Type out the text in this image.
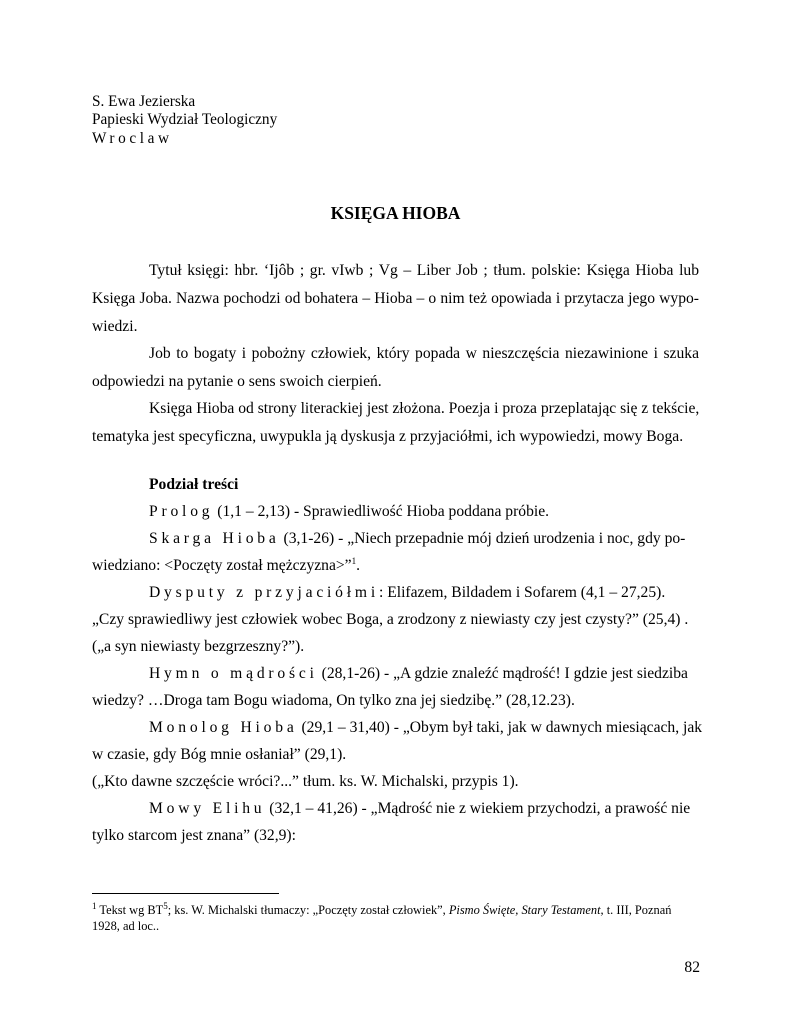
S. Ewa Jezierska
Papieski Wydział Teologiczny
Wroclaw
KSIĘGA HIOBA
Tytuł księgi: hbr. ‘Ijôb ; gr. vIwb ; Vg – Liber Job ; tłum. polskie: Księga Hioba lub
Księga Joba. Nazwa pochodzi od bohatera – Hioba – o nim też opowiada i przytacza jego wypo-
wiedzi.
Job to bogaty i pobożny człowiek, który popada w nieszczęścia niezawinione i szuka
odpowiedzi na pytanie o sens swoich cierpień.
Księga Hioba od strony literackiej jest złożona. Poezja i proza przeplatając się z tekście,
tematyka jest specyficzna, uwypukla ją dyskusja z przyjaciółmi, ich wypowiedzi, mowy Boga.
Podział treści
Prolog (1,1 – 2,13) - Sprawiedliwość Hioba poddana próbie.
Skarga Hioba (3,1-26) - „Niech przepadnie mój dzień urodzenia i noc, gdy po-
wiedziano: <Poczęty został mężczyzna>”$^1$.
Dysputy z przyjaciółmi: Elifazem, Bildadem i Sofarem (4,1 – 27,25).
„Czy sprawiedliwy jest człowiek wobec Boga, a zrodzony z niewiasty czy jest czysty?” (25,4) .
(„a syn niewiasty bezgrzeszny?”).
Hymn o mądrości (28,1-26) - „A gdzie znaleźć mądrość! I gdzie jest siedziba
wiedzy? …Droga tam Bogu wiadoma, On tylko zna jej siedzibę.” (28,12.23).
Monolog Hioba (29,1 – 31,40) - „Obym był taki, jak w dawnych miesiącach, jak
w czasie, gdy Bóg mnie osłaniał” (29,1).
(„Kto dawne szczęście wróci?...” tłum. ks. W. Michalski, przypis 1).
Mowy Elihu (32,1 – 41,26) - „Mądrość nie z wiekiem przychodzi, a prawość nie
tylko starcom jest znana” (32,9):
$^1$ Tekst wg $BT^5$; ks. W. Michalski tłumaczy: „Poczęty został człowiek”, Pismo Święte, Stary Testament, t. III, Poznań 1928, ad loc..
82
